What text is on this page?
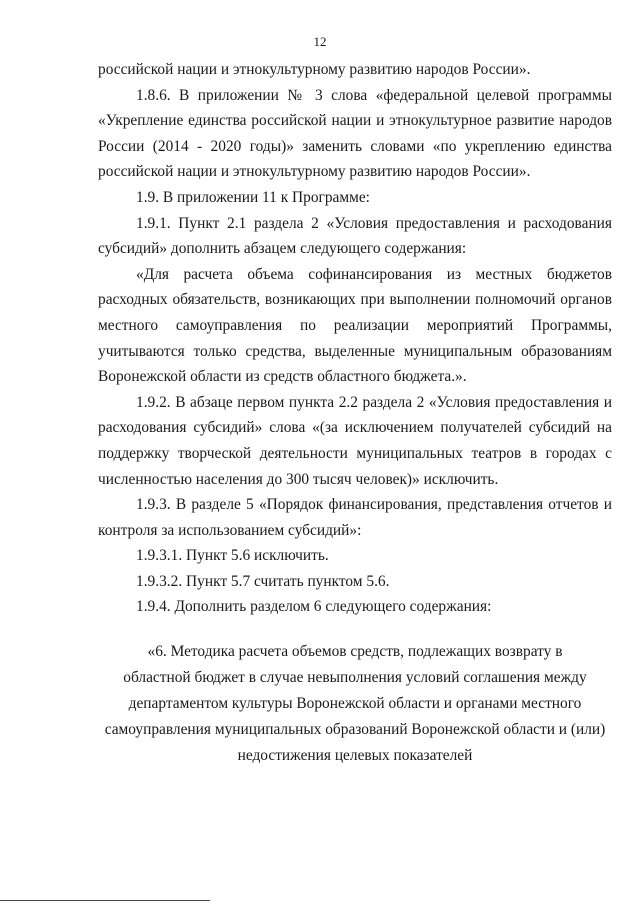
12

российской нации и этнокультурному развитию народов России».

1.8.6. В приложении № 3 слова «федеральной целевой программы «Укрепление единства российской нации и этнокультурное развитие народов России (2014 - 2020 годы)» заменить словами «по укреплению единства российской нации и этнокультурному развитию народов России».

1.9. В приложении 11 к Программе:

1.9.1. Пункт 2.1 раздела 2 «Условия предоставления и расходования субсидий» дополнить абзацем следующего содержания:

«Для расчета объема софинансирования из местных бюджетов расходных обязательств, возникающих при выполнении полномочий органов местного самоуправления по реализации мероприятий Программы, учитываются только средства, выделенные муниципальным образованиям Воронежской области из средств областного бюджета.».

1.9.2. В абзаце первом пункта 2.2 раздела 2 «Условия предоставления и расходования субсидий» слова «(за исключением получателей субсидий на поддержку творческой деятельности муниципальных театров в городах с численностью населения до 300 тысяч человек)» исключить.

1.9.3. В разделе 5 «Порядок финансирования, представления отчетов и контроля за использованием субсидий»:

1.9.3.1. Пункт 5.6 исключить.

1.9.3.2. Пункт 5.7 считать пунктом 5.6.

1.9.4. Дополнить разделом 6 следующего содержания:

«6. Методика расчета объемов средств, подлежащих возврату в
областной бюджет в случае невыполнения условий соглашения между
департаментом культуры Воронежской области и органами местного
самоуправления муниципальных образований Воронежской области и (или)
недостижения целевых показателей
